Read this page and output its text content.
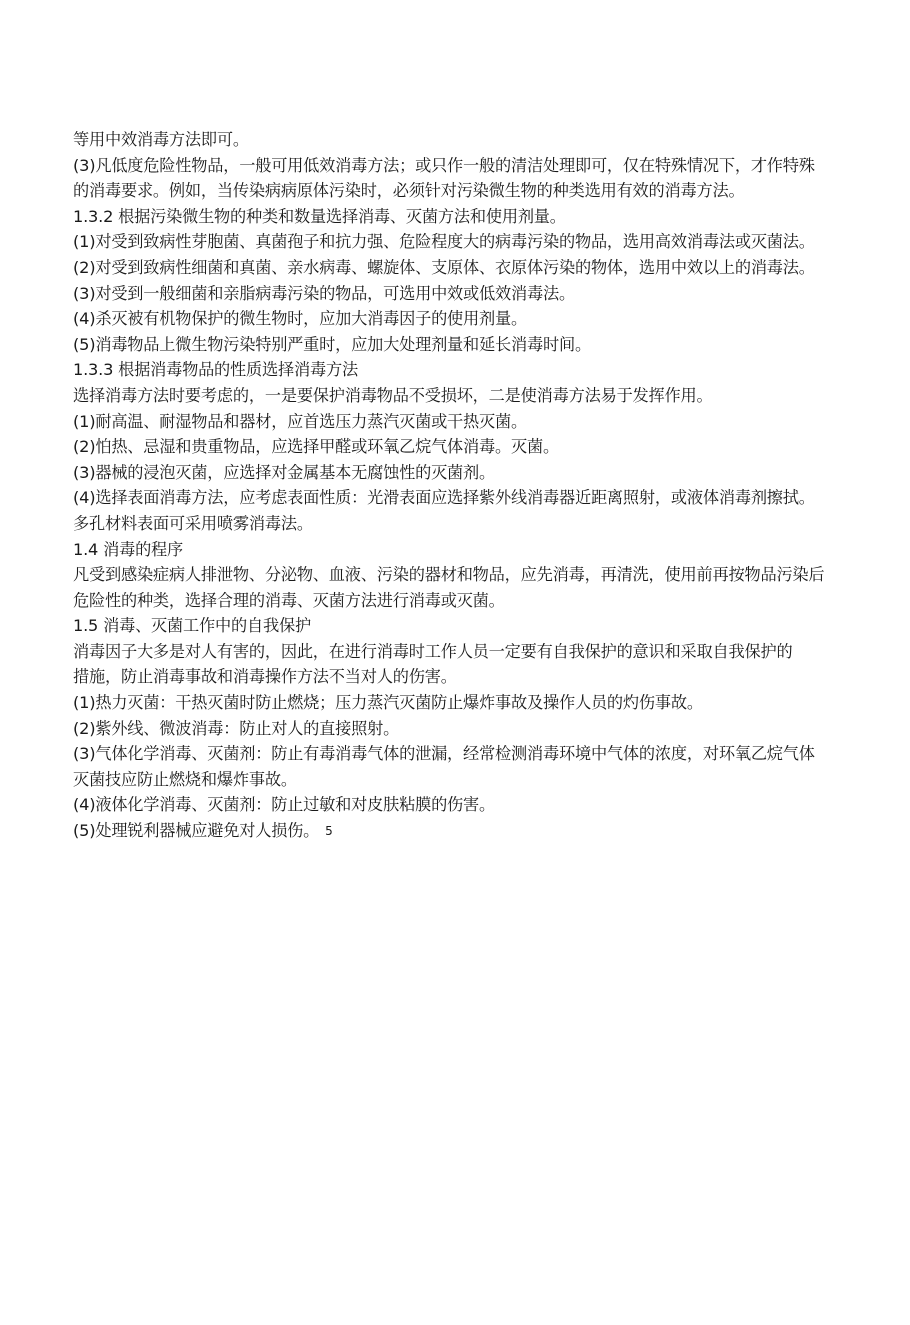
等用中效消毒方法即可。
(3)凡低度危险性物品，一般可用低效消毒方法；或只作一般的清洁处理即可，仅在特殊情况下，才作特殊
的消毒要求。例如，当传染病病原体污染时，必须针对污染微生物的种类选用有效的消毒方法。
1.3.2 根据污染微生物的种类和数量选择消毒、灭菌方法和使用剂量。
(1)对受到致病性芽胞菌、真菌孢子和抗力强、危险程度大的病毒污染的物品，选用高效消毒法或灭菌法。
(2)对受到致病性细菌和真菌、亲水病毒、螺旋体、支原体、衣原体污染的物体，选用中效以上的消毒法。
(3)对受到一般细菌和亲脂病毒污染的物品，可选用中效或低效消毒法。
(4)杀灭被有机物保护的微生物时，应加大消毒因子的使用剂量。
(5)消毒物品上微生物污染特别严重时，应加大处理剂量和延长消毒时间。
1.3.3 根据消毒物品的性质选择消毒方法
选择消毒方法时要考虑的，一是要保护消毒物品不受损坏，二是使消毒方法易于发挥作用。
(1)耐高温、耐湿物品和器材，应首选压力蒸汽灭菌或干热灭菌。
(2)怕热、忌湿和贵重物品，应选择甲醛或环氧乙烷气体消毒。灭菌。
(3)器械的浸泡灭菌，应选择对金属基本无腐蚀性的灭菌剂。
(4)选择表面消毒方法，应考虑表面性质：光滑表面应选择紫外线消毒器近距离照射，或液体消毒剂擦拭。
多孔材料表面可采用喷雾消毒法。
1.4 消毒的程序
凡受到感染症病人排泄物、分泌物、血液、污染的器材和物品，应先消毒，再清洗，使用前再按物品污染后
危险性的种类，选择合理的消毒、灭菌方法进行消毒或灭菌。
1.5 消毒、灭菌工作中的自我保护
消毒因子大多是对人有害的，因此，在进行消毒时工作人员一定要有自我保护的意识和采取自我保护的
措施，防止消毒事故和消毒操作方法不当对人的伤害。
(1)热力灭菌：干热灭菌时防止燃烧；压力蒸汽灭菌防止爆炸事故及操作人员的灼伤事故。
(2)紫外线、微波消毒：防止对人的直接照射。
(3)气体化学消毒、灭菌剂：防止有毒消毒气体的泄漏，经常检测消毒环境中气体的浓度，对环氧乙烷气体
灭菌技应防止燃烧和爆炸事故。
(4)液体化学消毒、灭菌剂：防止过敏和对皮肤粘膜的伤害。
(5)处理锐利器械应避免对人损伤。 5
